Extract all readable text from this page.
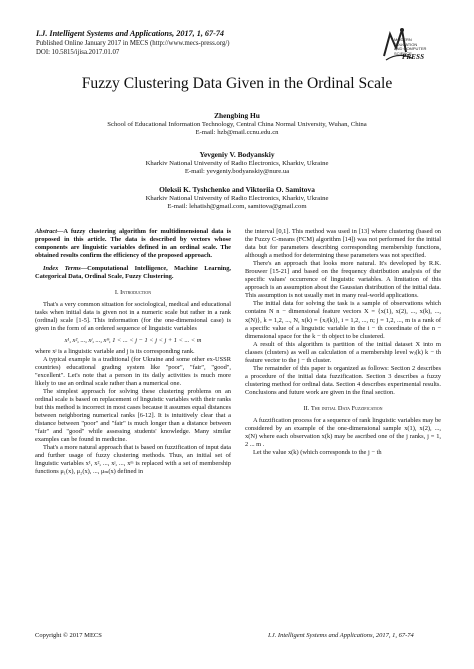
I.J. Intelligent Systems and Applications, 2017, 1, 67-74
Published Online January 2017 in MECS (http://www.mecs-press.org/)
DOI: 10.5815/ijisa.2017.01.07
MODERN EDUCATION
AND COMPUTER
SCIENCE
PRESS
Fuzzy Clustering Data Given in the Ordinal Scale
Zhengbing Hu
School of Educational Information Technology, Central China Normal University, Wuhan, China
E-mail: hzb@mail.ccnu.edu.cn
Yevgeniy V. Bodyanskiy
Kharkiv National University of Radio Electronics, Kharkiv, Ukraine
E-mail: yevgeniy.bodyanskiy@nure.ua
Oleksii K. Tyshchenko and Viktoriia O. Samitova
Kharkiv National University of Radio Electronics, Kharkiv, Ukraine
E-mail: lehatish@gmail.com, samitova@gmail.com

Abstract—A fuzzy clustering algorithm for multidimensional data is proposed in this article. The data is described by vectors whose components are linguistic variables defined in an ordinal scale. The obtained results confirm the efficiency of the proposed approach.

Index Terms—Computational Intelligence, Machine Learning, Categorical Data, Ordinal Scale, Fuzzy Clustering.

I. Introduction

That's a very common situation for sociological, medical and educational tasks when initial data is given not in a numeric scale but rather in a rank (ordinal) scale [1-5]. This information (for the one-dimensional case) is given in the form of an ordered sequence of linguistic variables

x¹, x², ..., xʲ, ..., xᵐ, 1 < ... < j − 1 < j < j + 1 < ... < m

where xʲ is a linguistic variable and j is its corresponding rank.

A typical example is a traditional (for Ukraine and some other ex-USSR countries) educational grading system like "poor", "fair", "good", "excellent". Let's note that a person in its daily activities is much more likely to use an ordinal scale rather than a numerical one.

The simplest approach for solving these clustering problems on an ordinal scale is based on replacement of linguistic variables with their ranks but this method is incorrect in most cases because it assumes equal distances between neighboring numerical ranks [6-12]. It is intuitively clear that a distance between "poor" and "fair" is much longer than a distance between "fair" and "good" while assessing students' knowledge. Many similar examples can be found in medicine.

That's a more natural approach that is based on fuzzification of input data and further usage of fuzzy clustering methods. Thus, an initial set of linguistic variables x¹, x², ..., xʲ, ..., xᵐ is replaced with a set of membership functions μ₁(x), μ₂(x), ..., μₘ(x) defined in

the interval [0,1]. This method was used in [13] where clustering (based on the Fuzzy C-means (FCM) algorithm [14]) was not performed for the initial data but for parameters describing corresponding membership functions, although a method for determining these parameters was not specified.

There's an approach that looks more natural. It's developed by R.K. Brouwer [15-21] and based on the frequency distribution analysis of the specific values' occurrence of linguistic variables. A limitation of this approach is an assumption about the Gaussian distribution of the initial data. This assumption is not usually met in many real-world applications.

The initial data for solving the task is a sample of observations which contains N n − dimensional feature vectors X = {x(1), x(2), ..., x(k), ..., x(N)}, k = 1,2, ..., N, x(k) = {xᵢʲ(k)}, i = 1,2, ..., n; j = 1,2, ..., m is a rank of a specific value of a linguistic variable in the i − th coordinate of the n − dimensional space for the k − th object to be clustered.

A result of this algorithm is partition of the initial dataset X into m classes (clusters) as well as calculation of a membership level wⱼ(k) k − th feature vector to the j − th cluster.

The remainder of this paper is organized as follows: Section 2 describes a procedure of the initial data fuzzification. Section 3 describes a fuzzy clustering method for ordinal data. Section 4 describes experimental results. Conclusions and future work are given in the final section.

II. The initial Data Fuzzification

A fuzzification process for a sequence of rank linguistic variables may be considered by an example of the one-dimensional sample x(1), x(2), ..., x(N) where each observation x(k) may be ascribed one of the j ranks, j = 1, 2 ... m .

Let the value x(k) (which corresponds to the j − th

Copyright © 2017 MECS	I.J. Intelligent Systems and Applications, 2017, 1, 67-74
